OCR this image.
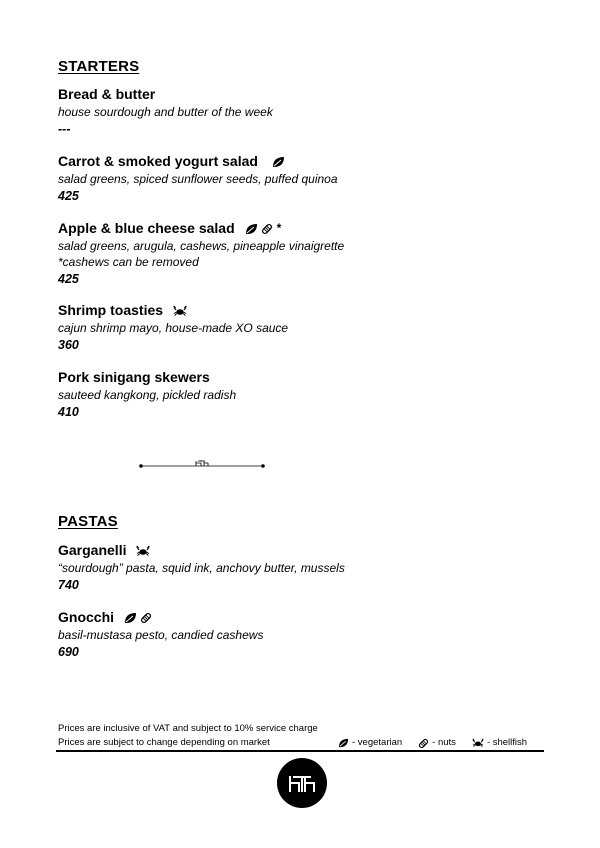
STARTERS
Bread & butter
house sourdough and butter of the week
---
Carrot & smoked yogurt salad
salad greens, spiced sunflower seeds, puffed quinoa
425
Apple & blue cheese salad	*
salad greens, arugula, cashews, pineapple vinaigrette
*cashews can be removed
425
Shrimp toasties
cajun shrimp mayo, house-made XO sauce
360
Pork sinigang skewers
sauteed kangkong, pickled radish
410
PASTAS
Garganelli
“sourdough” pasta, squid ink, anchovy butter, mussels
740
Gnocchi
basil-mustasa pesto, candied cashews
690
Prices are inclusive of VAT and subject to 10% service charge
Prices are subject to change depending on market	- vegetarian	- nuts	- shellfish
